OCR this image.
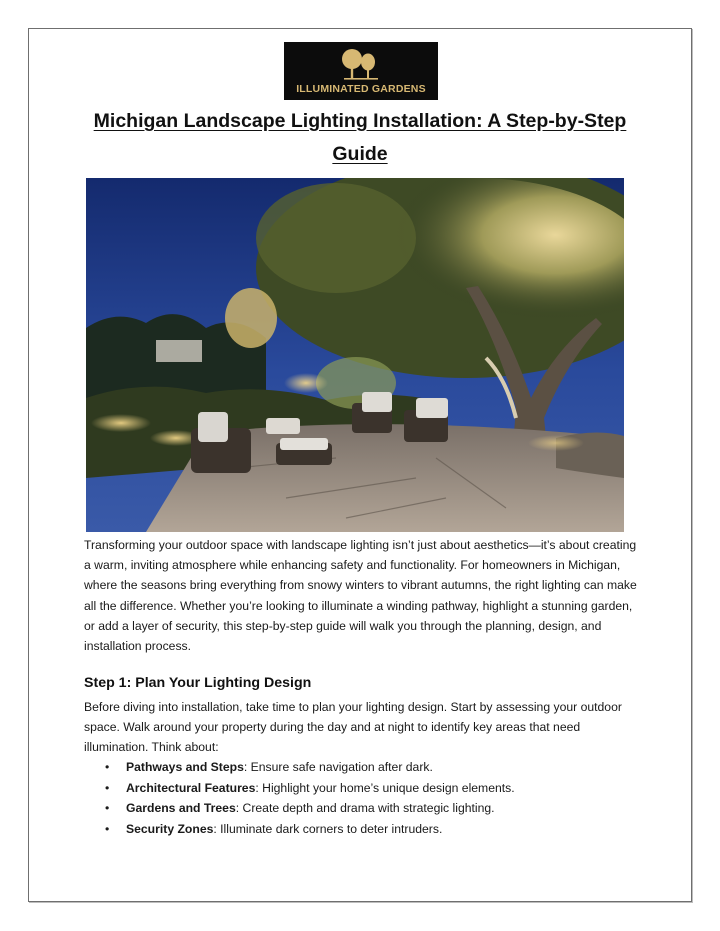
ILLUMINATED GARDENS
Michigan Landscape Lighting Installation: A Step-by-Step Guide
Transforming your outdoor space with landscape lighting isn’t just about aesthetics—it’s about creating a warm, inviting atmosphere while enhancing safety and functionality. For homeowners in Michigan, where the seasons bring everything from snowy winters to vibrant autumns, the right lighting can make all the difference. Whether you’re looking to illuminate a winding pathway, highlight a stunning garden, or add a layer of security, this step-by-step guide will walk you through the planning, design, and installation process.
Step 1: Plan Your Lighting Design
Before diving into installation, take time to plan your lighting design. Start by assessing your outdoor space. Walk around your property during the day and at night to identify key areas that need illumination. Think about:
• Pathways and Steps: Ensure safe navigation after dark.
• Architectural Features: Highlight your home’s unique design elements.
• Gardens and Trees: Create depth and drama with strategic lighting.
• Security Zones: Illuminate dark corners to deter intruders.
